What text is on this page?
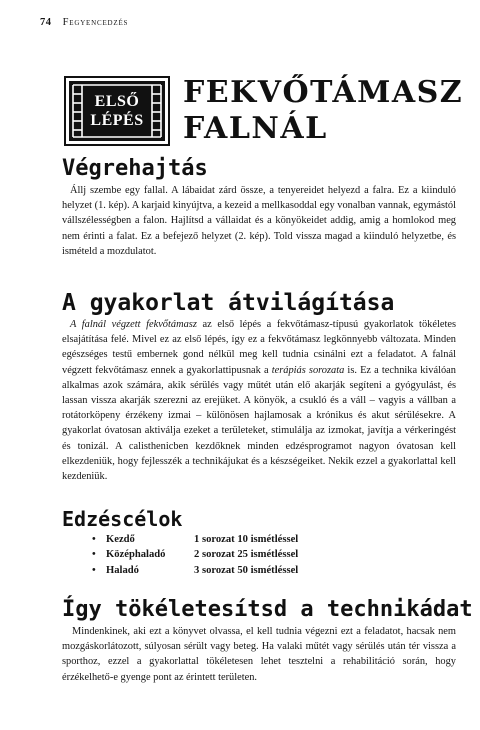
74 Fegyencedzés
ELSŐ
LÉPÉS
FEKVŐTÁMASZ
FALNÁL
Végrehajtás

Állj szembe egy fallal. A lábaidat zárd össze, a tenyereidet helyezd a falra. Ez a kiinduló helyzet (1. kép). A karjaid kinyújtva, a kezeid a mellkasoddal egy vonalban vannak, egymástól vállszélességben a falon. Hajlítsd a vállaidat és a könyökeidet addig, amig a homlokod meg nem érinti a falat. Ez a befejező helyzet (2. kép). Told vissza magad a kiinduló helyzetbe, és ismételd a mozdulatot.

A gyakorlat átvilágítása

A falnál végzett fekvőtámasz az első lépés a fekvőtámasz-típusú gyakorlatok tökéletes elsajátítása felé. Mivel ez az első lépés, így ez a fekvőtámasz legkönnyebb változata. Minden egészséges testű embernek gond nélkül meg kell tudnia csinálni ezt a feladatot. A falnál végzett fekvőtámasz ennek a gyakorlattipusnak a terápiás sorozata is. Ez a technika kiválóan alkalmas azok számára, akik sérülés vagy műtét után elő akarják segíteni a gyógyulást, és lassan vissza akarják szerezni az erejüket. A könyök, a csukló és a váll – vagyis a vállban a rotátorköpeny érzékeny izmai – különösen hajlamosak a krónikus és akut sérülésekre. A gyakorlat óvatosan aktiválja ezeket a területeket, stimulálja az izmokat, javítja a vérkeringést és tonizál. A calisthenicben kezdőknek minden edzésprogramot nagyon óvatosan kell elkezdeniük, hogy fejlesszék a technikájukat és a készségeiket. Nekik ezzel a gyakorlattal kell kezdeniük.

Edzéscélok
• Kezdő	1 sorozat 10 ismétléssel
• Középhaladó	2 sorozat 25 ismétléssel
• Haladó	3 sorozat 50 ismétléssel
Így tökéletesítsd a technikádat

Mindenkinek, aki ezt a könyvet olvassa, el kell tudnia végezni ezt a feladatot, hacsak nem mozgáskorlátozott, súlyosan sérült vagy beteg. Ha valaki műtét vagy sérülés után tér vissza a sporthoz, ezzel a gyakorlattal tökéletesen lehet tesztelni a rehabilitáció során, hogy érzékelhető-e gyenge pont az érintett területen.
